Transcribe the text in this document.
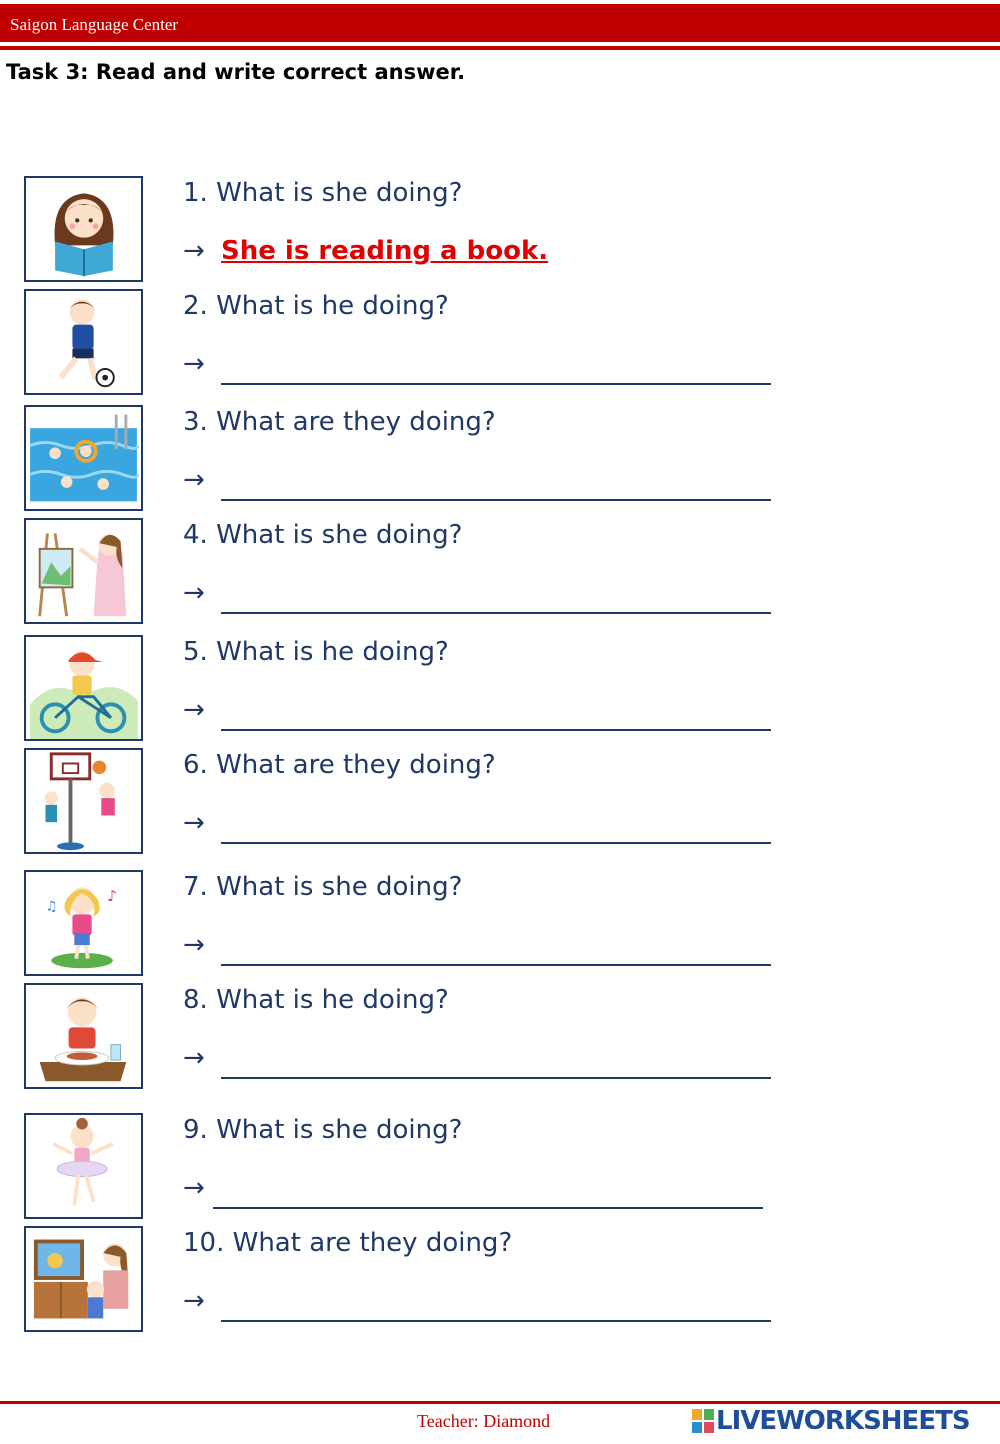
Saigon Language Center
Task 3: Read and write correct answer.
1. What is she doing?
→ She is reading a book.
2. What is he doing?
→
3. What are they doing?
→
4. What is she doing?
→
5. What is he doing?
→
6. What are they doing?
→
♪
♫
7. What is she doing?
→
8. What is he doing?
→
9. What is she doing?
→
10. What are they doing?
→
Teacher: Diamond	LIVEWORKSHEETS
